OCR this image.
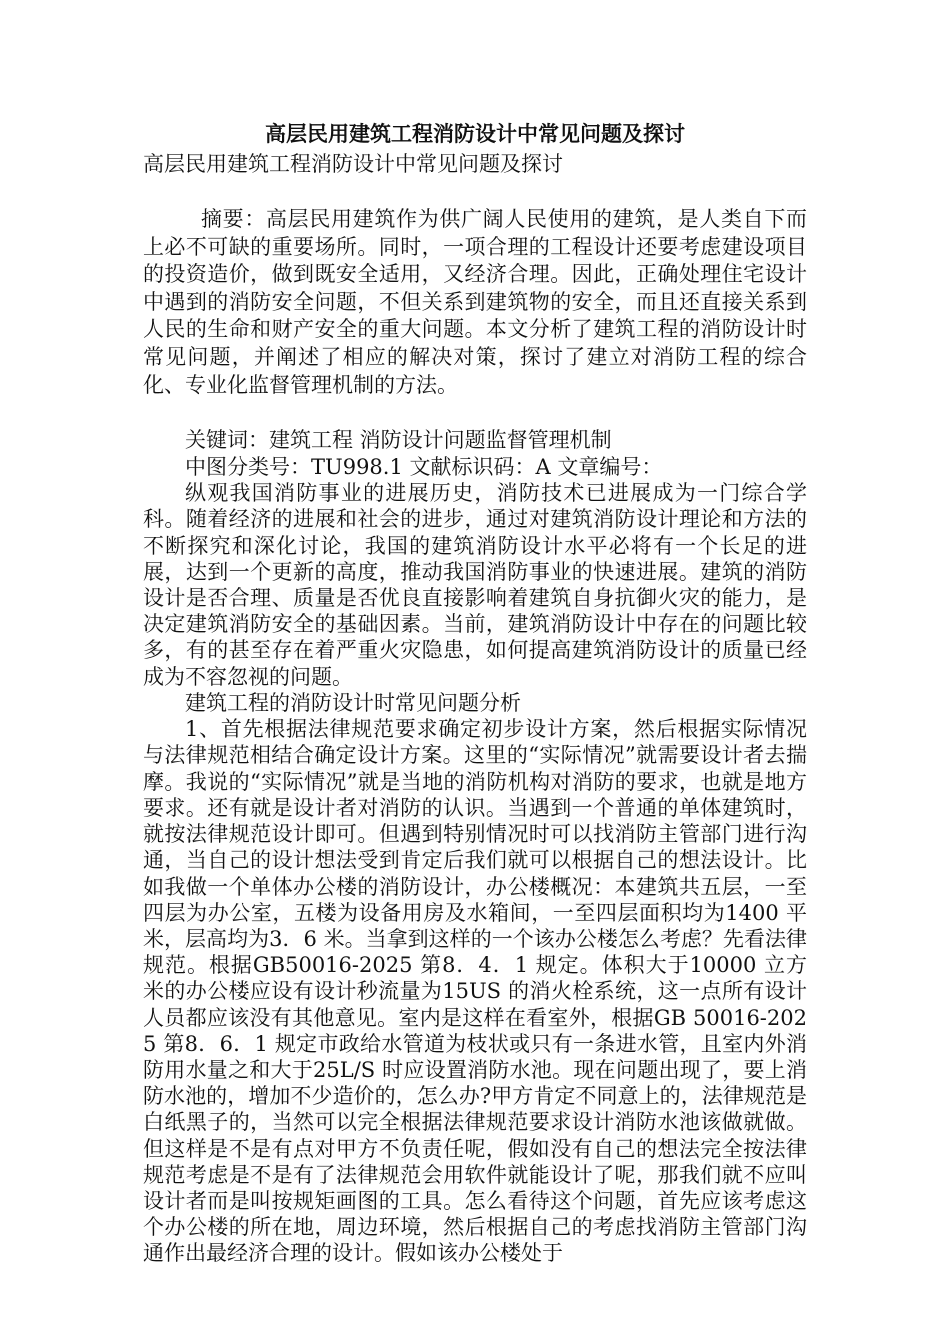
高层民用建筑工程消防设计中常见问题及探讨

高层民用建筑工程消防设计中常见问题及探讨

摘要：高层民用建筑作为供广阔人民使用的建筑，是人类自下而上必不可缺的重要场所。同时，一项合理的工程设计还要考虑建设项目的投资造价，做到既安全适用，又经济合理。因此，正确处理住宅设计中遇到的消防安全问题，不但关系到建筑物的安全，而且还直接关系到人民的生命和财产安全的重大问题。本文分析了建筑工程的消防设计时常见问题，并阐述了相应的解决对策，探讨了建立对消防工程的综合化、专业化监督管理机制的方法。

关键词：建筑工程 消防设计问题监督管理机制

中图分类号：TU998.1 文献标识码：A 文章编号：

纵观我国消防事业的进展历史，消防技术已进展成为一门综合学科。随着经济的进展和社会的进步，通过对建筑消防设计理论和方法的不断探究和深化讨论，我国的建筑消防设计水平必将有一个长足的进展，达到一个更新的高度，推动我国消防事业的快速进展。建筑的消防设计是否合理、质量是否优良直接影响着建筑自身抗御火灾的能力，是决定建筑消防安全的基础因素。当前，建筑消防设计中存在的问题比较多，有的甚至存在着严重火灾隐患，如何提高建筑消防设计的质量已经成为不容忽视的问题。

建筑工程的消防设计时常见问题分析

1、首先根据法律规范要求确定初步设计方案，然后根据实际情况与法律规范相结合确定设计方案。这里的“实际情况”就需要设计者去揣摩。我说的“实际情况”就是当地的消防机构对消防的要求，也就是地方要求。还有就是设计者对消防的认识。当遇到一个普通的单体建筑时，就按法律规范设计即可。但遇到特别情况时可以找消防主管部门进行沟通，当自己的设计想法受到肯定后我们就可以根据自己的想法设计。比如我做一个单体办公楼的消防设计，办公楼概况：本建筑共五层，一至四层为办公室，五楼为设备用房及水箱间，一至四层面积均为1400 平米，层高均为3．6 米。当拿到这样的一个该办公楼怎么考虑？先看法律规范。根据GB50016-2025 第8．4．1 规定。体积大于10000 立方米的办公楼应设有设计秒流量为15US 的消火栓系统，这一点所有设计人员都应该没有其他意见。室内是这样在看室外，根据GB 50016-2025 第8．6．1 规定市政给水管道为枝状或只有一条进水管，且室内外消防用水量之和大于25L/S 时应设置消防水池。现在问题出现了，要上消防水池的，增加不少造价的，怎么办?甲方肯定不同意上的，法律规范是白纸黑子的，当然可以完全根据法律规范要求设计消防水池该做就做。但这样是不是有点对甲方不负责任呢，假如没有自己的想法完全按法律规范考虑是不是有了法律规范会用软件就能设计了呢，那我们就不应叫设计者而是叫按规矩画图的工具。怎么看待这个问题，首先应该考虑这个办公楼的所在地，周边环境，然后根据自己的考虑找消防主管部门沟通作出最经济合理的设计。假如该办公楼处于
